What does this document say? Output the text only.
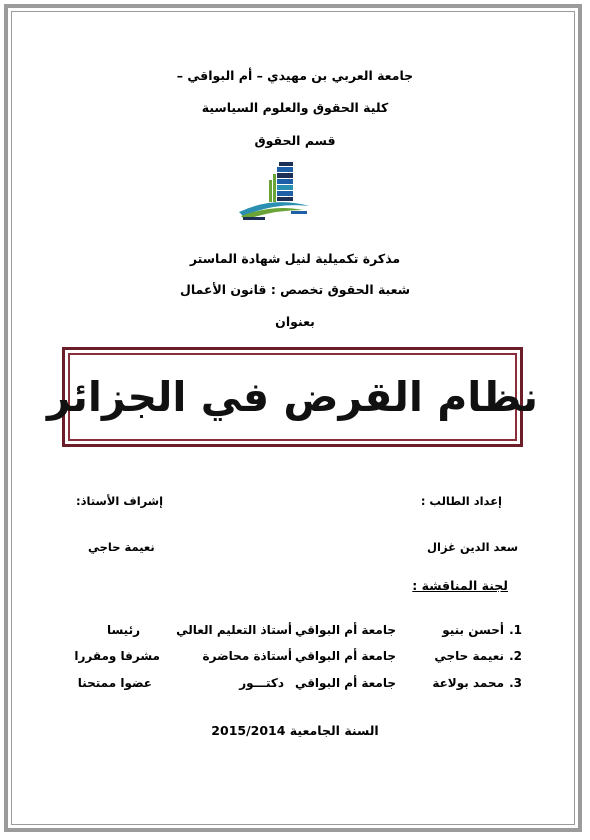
جامعة العربي بن مهيدي – أم البواقي –
كلية الحقوق والعلوم السياسية
قسم الحقوق
مذكرة تكميلية لنيل شهادة الماستر
شعبة الحقوق تخصص : قانون الأعمال
بعنوان
نظام القرض في الجزائر
إعداد الطالب :
إشراف الأستاذ:
سعد الدين غزال
نعيمة حاجي
لجنة المناقشة :
1.
أحسن بنيو
جامعة أم البواقي
أستاذ التعليم العالي
رئيسا
2.
نعيمة حاجي
جامعة أم البواقي
أستاذة محاضرة
مشرفا ومقررا
3.
محمد بولاعة
جامعة أم البواقي
دكتـــور
عضوا ممتحنا
السنة الجامعية 2015/2014
